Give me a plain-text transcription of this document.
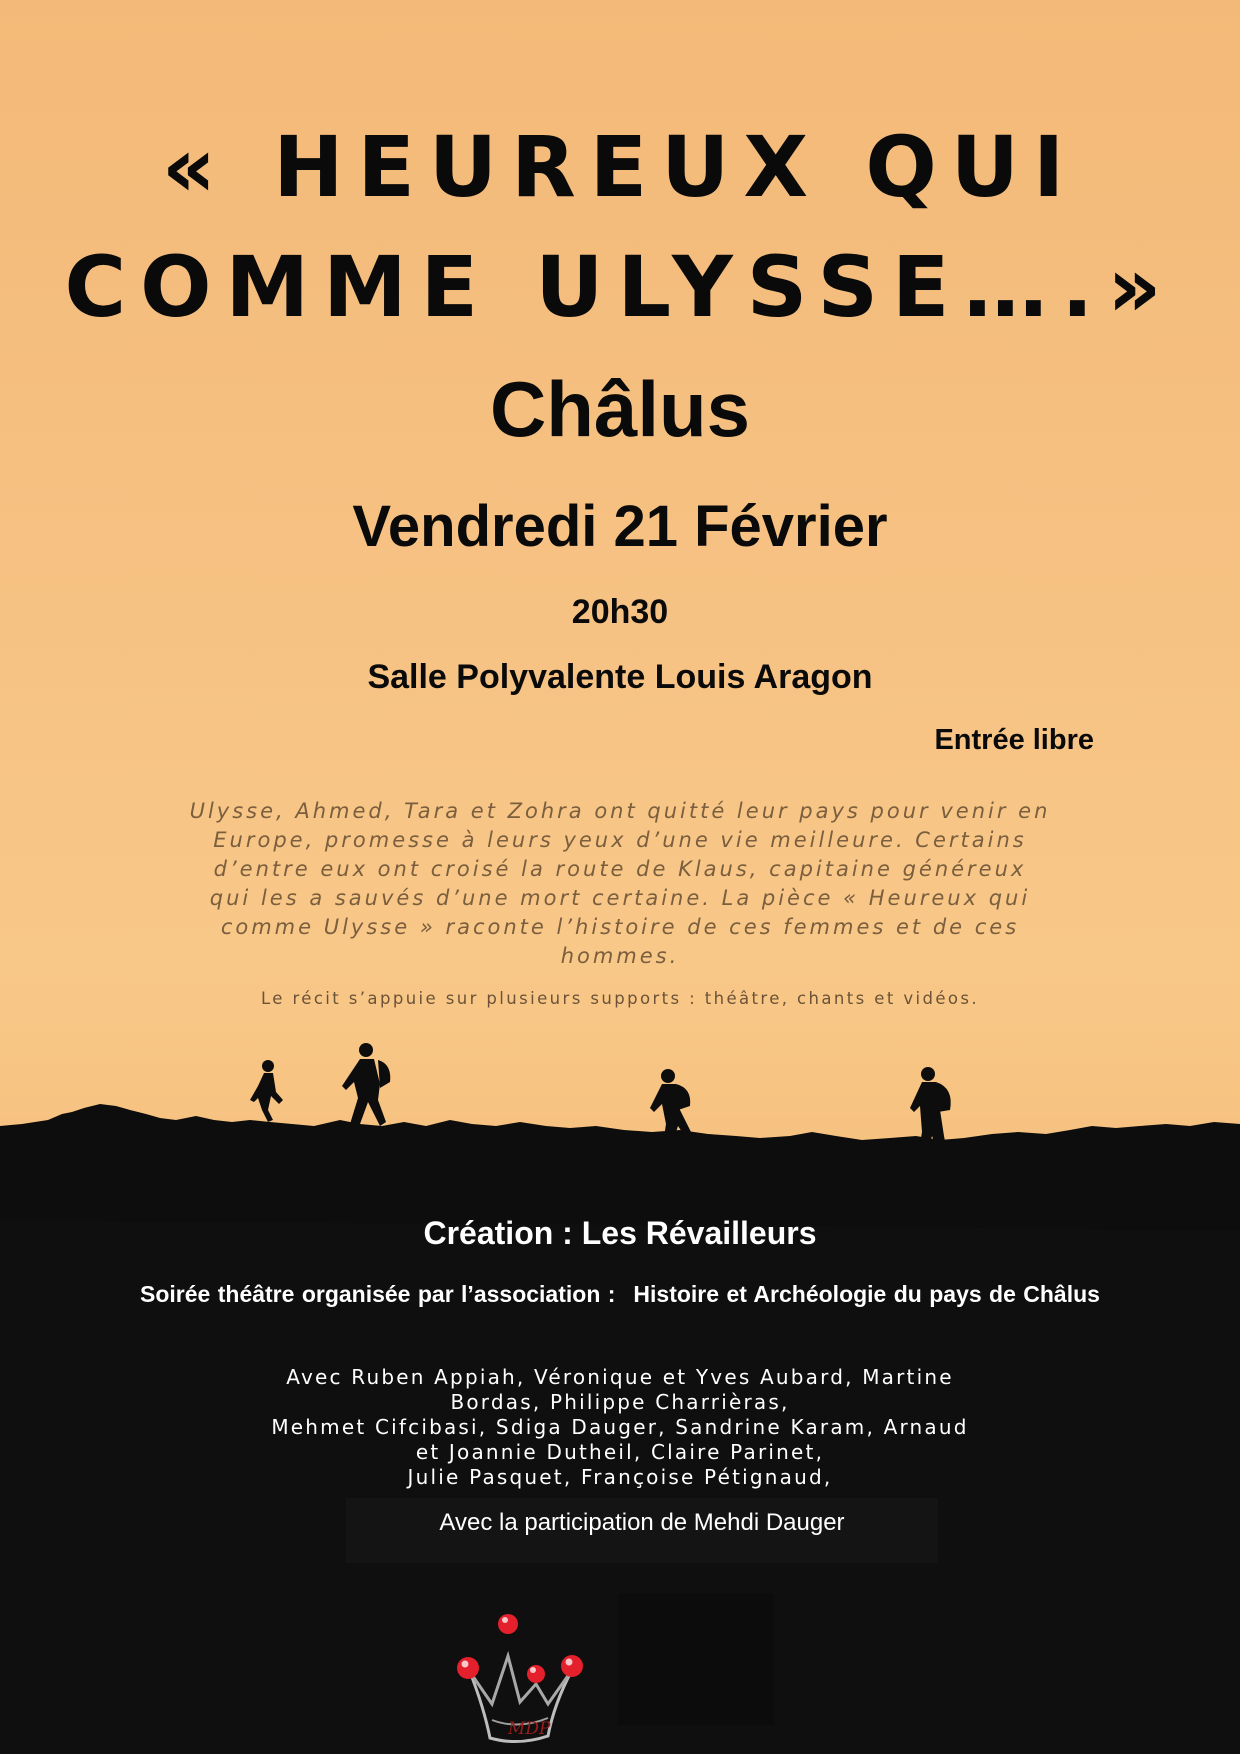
« HEUREUX QUI
COMME ULYSSE….»

Châlus

Vendredi 21 Février

20h30

Salle Polyvalente Louis Aragon

Entrée libre

Ulysse, Ahmed, Tara et Zohra ont quitté leur pays pour venir en
Europe, promesse à leurs yeux d’une vie meilleure. Certains
d’entre eux ont croisé la route de Klaus, capitaine généreux
qui les a sauvés d’une mort certaine. La pièce « Heureux qui
comme Ulysse » raconte l’histoire de ces femmes et de ces
hommes.

Le récit s’appuie sur plusieurs supports : théâtre, chants et vidéos.

Création : Les Révailleurs

Soirée théâtre organisée par l’association : Histoire et Archéologie du pays de Châlus

Avec Ruben Appiah, Véronique et Yves Aubard, Martine
Bordas, Philippe Charrièras,
Mehmet Cifcibasi, Sdiga Dauger, Sandrine Karam, Arnaud
et Joannie Dutheil, Claire Parinet,
Julie Pasquet, Françoise Pétignaud,

Avec la participation de Mehdi Dauger

MDP
